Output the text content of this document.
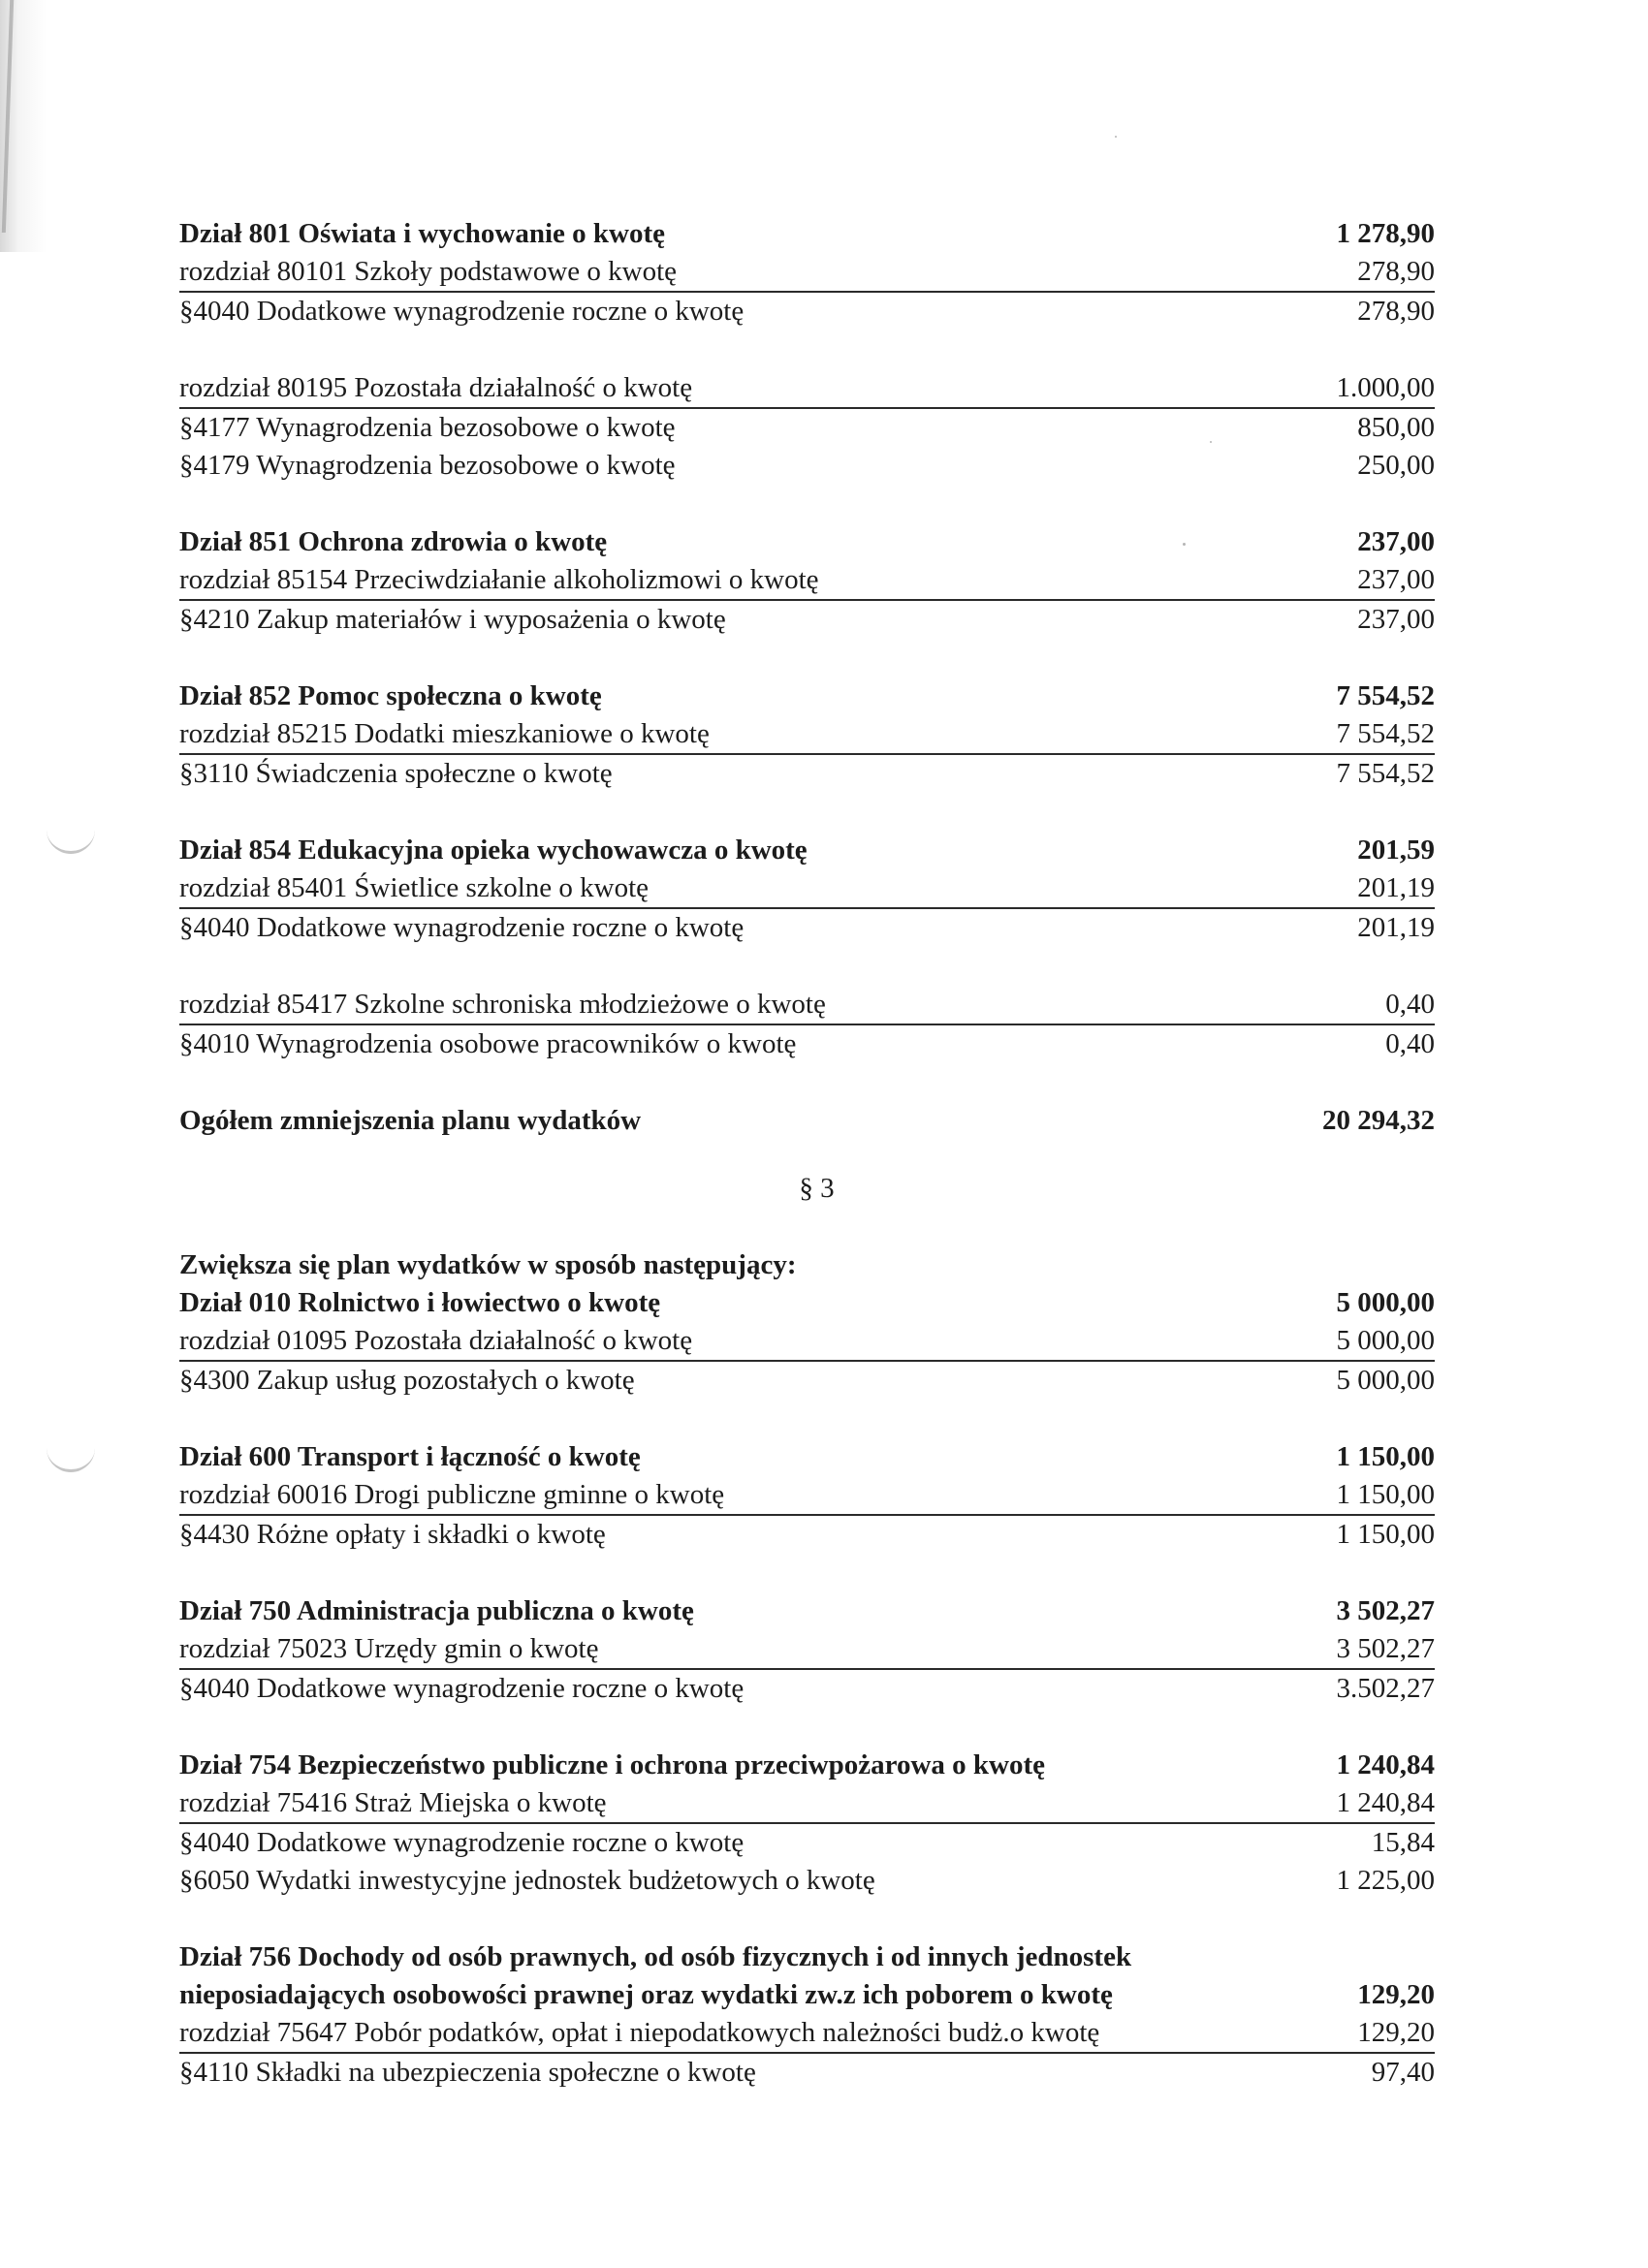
Dział 801 Oświata i wychowanie o kwotę	1 278,90
rozdział 80101 Szkoły podstawowe o kwotę	278,90
§4040 Dodatkowe wynagrodzenie roczne o kwotę	278,90
rozdział 80195 Pozostała działalność o kwotę	1.000,00
§4177 Wynagrodzenia bezosobowe o kwotę	850,00
§4179 Wynagrodzenia bezosobowe o kwotę	250,00
Dział 851 Ochrona zdrowia o kwotę	237,00
rozdział 85154 Przeciwdziałanie alkoholizmowi o kwotę	237,00
§4210 Zakup materiałów i wyposażenia o kwotę	237,00
Dział 852 Pomoc społeczna o kwotę	7 554,52
rozdział 85215 Dodatki mieszkaniowe o kwotę	7 554,52
§3110 Świadczenia społeczne o kwotę	7 554,52
Dział 854 Edukacyjna opieka wychowawcza o kwotę	201,59
rozdział 85401 Świetlice szkolne o kwotę	201,19
§4040 Dodatkowe wynagrodzenie roczne o kwotę	201,19
rozdział 85417 Szkolne schroniska młodzieżowe o kwotę	0,40
§4010 Wynagrodzenia osobowe pracowników o kwotę	0,40
Ogółem zmniejszenia planu wydatków	20 294,32
§ 3
Zwiększa się plan wydatków w sposób następujący:
Dział 010 Rolnictwo i łowiectwo o kwotę	5 000,00
rozdział 01095 Pozostała działalność o kwotę	5 000,00
§4300 Zakup usług pozostałych o kwotę	5 000,00
Dział 600 Transport i łączność o kwotę	1 150,00
rozdział 60016 Drogi publiczne gminne o kwotę	1 150,00
§4430 Różne opłaty i składki o kwotę	1 150,00
Dział 750 Administracja publiczna o kwotę	3 502,27
rozdział 75023 Urzędy gmin o kwotę	3 502,27
§4040 Dodatkowe wynagrodzenie roczne o kwotę	3.502,27
Dział 754 Bezpieczeństwo publiczne i ochrona przeciwpożarowa o kwotę	1 240,84
rozdział 75416 Straż Miejska o kwotę	1 240,84
§4040 Dodatkowe wynagrodzenie roczne o kwotę	15,84
§6050 Wydatki inwestycyjne jednostek budżetowych o kwotę	1 225,00
Dział 756 Dochody od osób prawnych, od osób fizycznych i od innych jednostek
nieposiadających osobowości prawnej oraz wydatki zw.z ich poborem o kwotę	129,20
rozdział 75647 Pobór podatków, opłat i niepodatkowych należności budż.o kwotę	129,20
§4110 Składki na ubezpieczenia społeczne o kwotę	97,40
